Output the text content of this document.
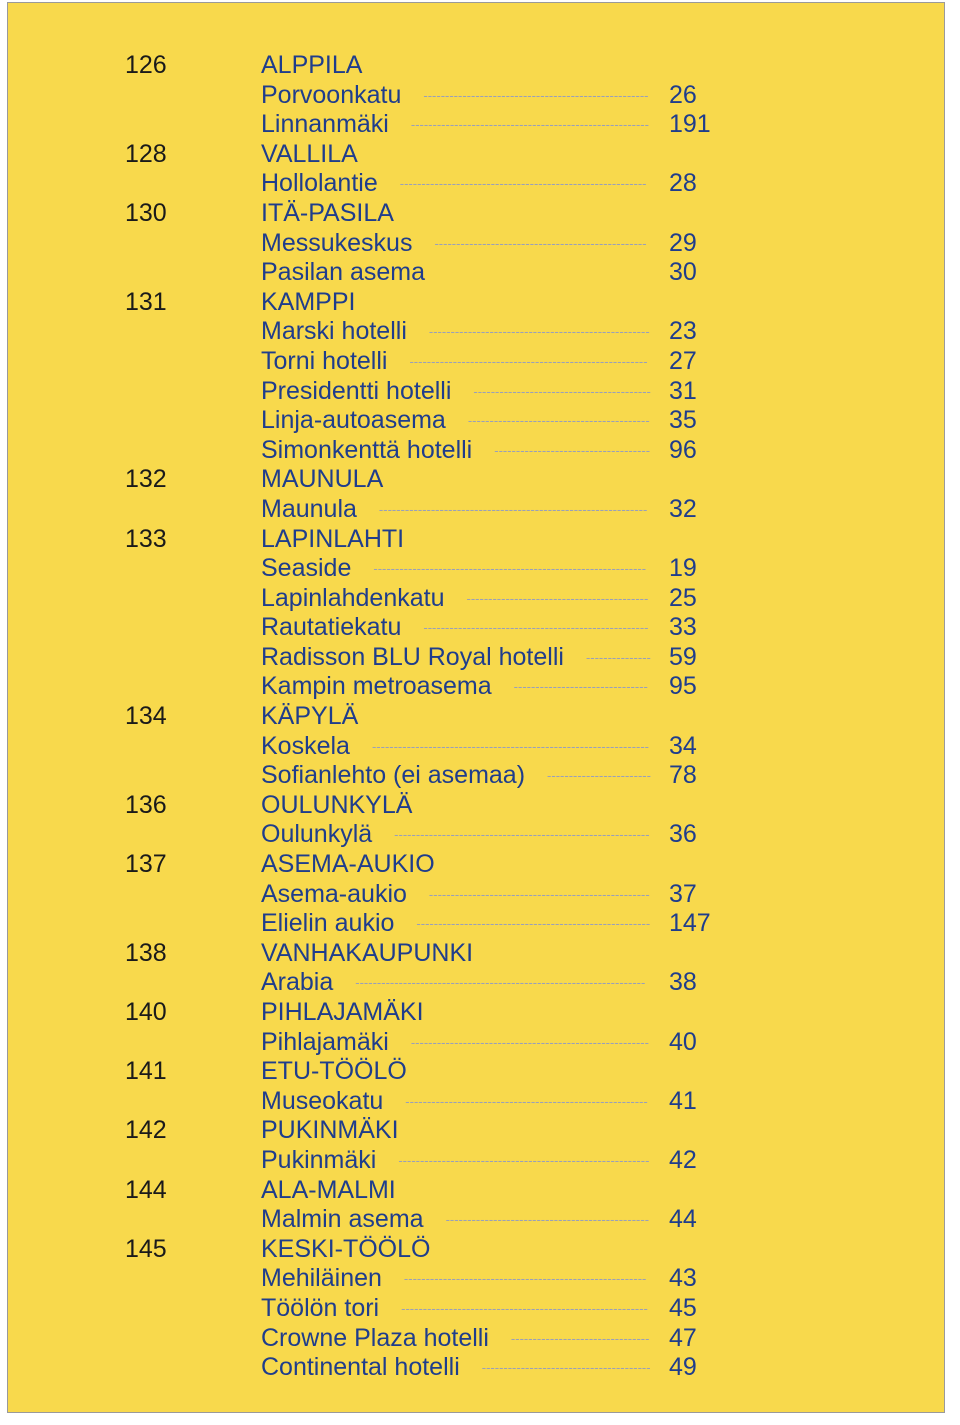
126	ALPPILA
Porvoonkatu ---------------------------------------------------- 26
Linnanmäki ------------------------------------------------------- 191
128	VALLILA
Hollolantie --------------------------------------------------------- 28
130	ITÄ-PASILA
Messukeskus ------------------------------------------------- 29
Pasilan asema	30
131	KAMPPI
Marski hotelli --------------------------------------------------- 23
Torni hotelli ------------------------------------------------------- 27
Presidentti hotelli ----------------------------------------- 31
Linja-autoasema ------------------------------------------ 35
Simonkenttä hotelli ------------------------------------ 96
132	MAUNULA
Maunula -------------------------------------------------------------- 32
133	LAPINLAHTI
Seaside --------------------------------------------------------------- 19
Lapinlahdenkatu ------------------------------------------ 25
Rautatiekatu ---------------------------------------------------- 33
Radisson BLU Royal hotelli --------------- 59
Kampin metroasema ------------------------------- 95
134	KÄPYLÄ
Koskela ---------------------------------------------------------------- 34
Sofianlehto (ei asemaa) ------------------------ 78
136	OULUNKYLÄ
Oulunkylä ----------------------------------------------------------- 36
137	ASEMA-AUKIO
Asema-aukio --------------------------------------------------- 37
Elielin aukio ------------------------------------------------------ 147
138	VANHAKAUPUNKI
Arabia ------------------------------------------------------------------- 38
140	PIHLAJAMÄKI
Pihlajamäki ------------------------------------------------------- 40
141	ETU-TÖÖLÖ
Museokatu -------------------------------------------------------- 41
142	PUKINMÄKI
Pukinmäki ---------------------------------------------------------- 42
144	ALA-MALMI
Malmin asema ----------------------------------------------- 44
145	KESKI-TÖÖLÖ
Mehiläinen -------------------------------------------------------- 43
Töölön tori --------------------------------------------------------- 45
Crowne Plaza hotelli -------------------------------- 47
Continental hotelli --------------------------------------- 49
